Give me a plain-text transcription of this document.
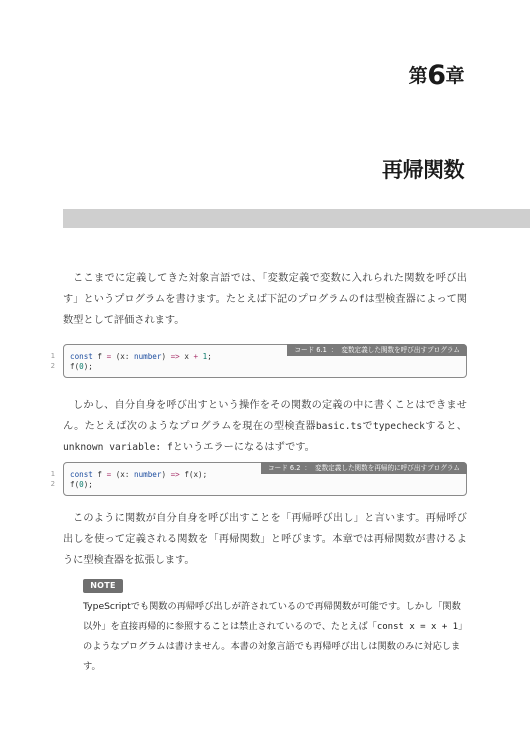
第6章
再帰関数

ここまでに定義してきた対象言語では、「変数定義で変数に入れられた関数を呼び出す」というプログラムを書けます。たとえば下記のプログラムのfは型検査器によって関数型として評価されます。

コード 6.1 ： 変数定義した関数を呼び出すプログラム
const f = (x: number) => x + 1;
f(0);
1
2

しかし、自分自身を呼び出すという操作をその関数の定義の中に書くことはできません。たとえば次のようなプログラムを現在の型検査器basic.tsでtypecheckすると、unknown variable: fというエラーになるはずです。

コード 6.2 ： 変数定義した関数を再帰的に呼び出すプログラム
const f = (x: number) => f(x);
f(0);
1
2

このように関数が自分自身を呼び出すことを「再帰呼び出し」と言います。再帰呼び出しを使って定義される関数を「再帰関数」と呼びます。本章では再帰関数が書けるように型検査器を拡張します。

NOTE

TypeScriptでも関数の再帰呼び出しが許されているので再帰関数が可能です。しかし「関数以外」を直接再帰的に参照することは禁止されているので、たとえば「const x = x + 1」のようなプログラムは書けません。本書の対象言語でも再帰呼び出しは関数のみに対応します。
